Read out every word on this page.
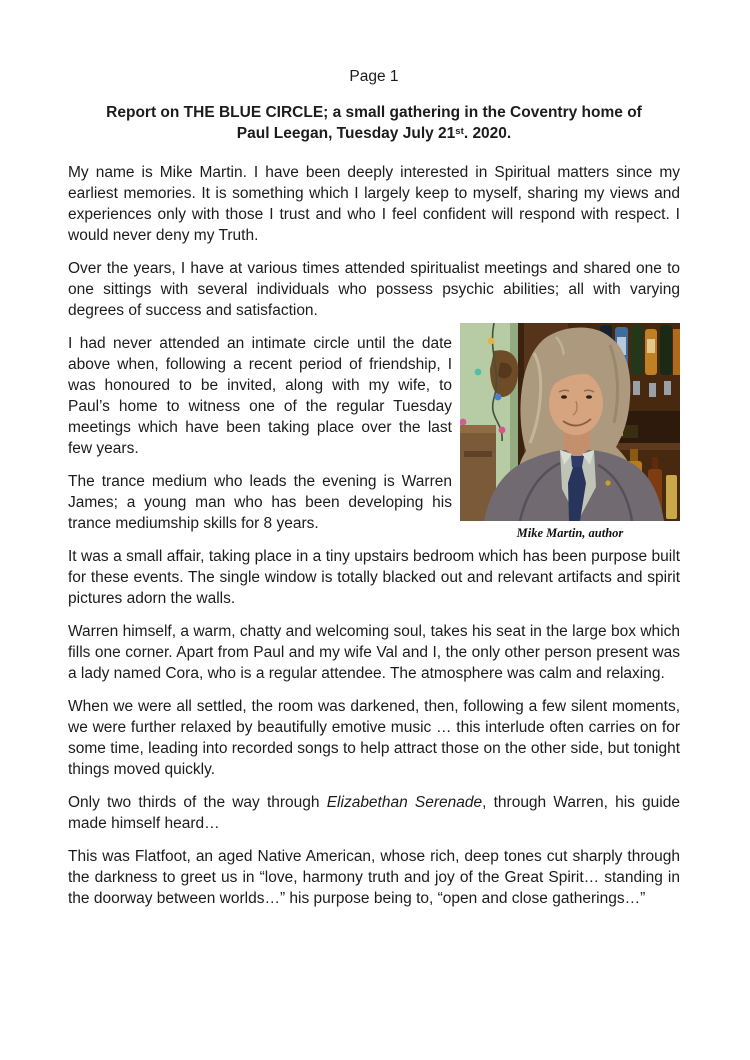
Page 1
Report on THE BLUE CIRCLE; a small gathering in the Coventry home of
Paul Leegan, Tuesday July 21st. 2020.

My name is Mike Martin. I have been deeply interested in Spiritual matters since my earliest memories. It is something which I largely keep to myself, sharing my views and experiences only with those I trust and who I feel confident will respond with respect. I would never deny my Truth.

Over the years, I have at various times attended spiritualist meetings and shared one to one sittings with several individuals who possess psychic abilities; all with varying degrees of success and satisfaction.

Mike Martin, author

I had never attended an intimate circle until the date above when, following a recent period of friendship, I was honoured to be invited, along with my wife, to Paul’s home to witness one of the regular Tuesday meetings which have been taking place over the last few years.

The trance medium who leads the evening is Warren James; a young man who has been developing his trance mediumship skills for 8 years.

It was a small affair, taking place in a tiny upstairs bedroom which has been purpose built for these events. The single window is totally blacked out and relevant artifacts and spirit pictures adorn the walls.

Warren himself, a warm, chatty and welcoming soul, takes his seat in the large box which fills one corner. Apart from Paul and my wife Val and I, the only other person present was a lady named Cora, who is a regular attendee. The atmosphere was calm and relaxing.

When we were all settled, the room was darkened, then, following a few silent moments, we were further relaxed by beautifully emotive music … this interlude often carries on for some time, leading into recorded songs to help attract those on the other side, but tonight things moved quickly.

Only two thirds of the way through Elizabethan Serenade, through Warren, his guide made himself heard…

This was Flatfoot, an aged Native American, whose rich, deep tones cut sharply through the darkness to greet us in “love, harmony truth and joy of the Great Spirit… standing in the doorway between worlds…” his purpose being to, “open and close gatherings…”
